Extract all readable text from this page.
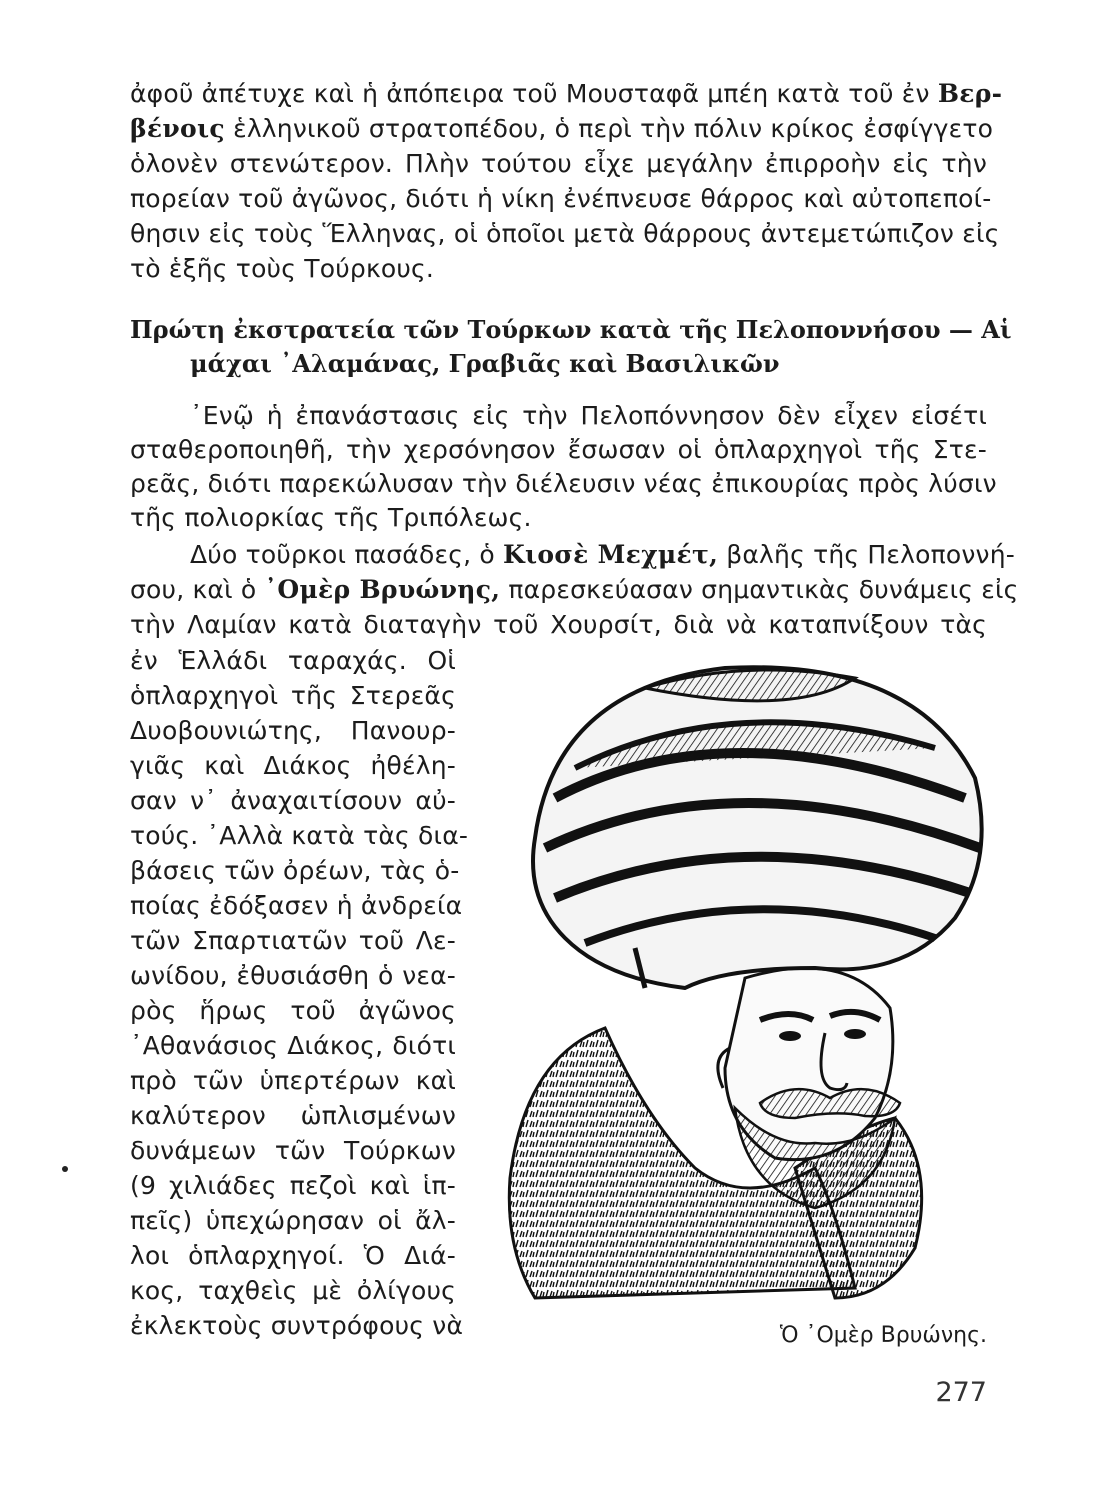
ἀφοῦ ἀπέτυχε καὶ ἡ ἀπόπειρα τοῦ Μουσταφᾶ μπέη κατὰ τοῦ ἐν Βερ-
βένοις ἑλληνικοῦ στρατοπέδου, ὁ περὶ τὴν πόλιν κρίκος ἐσφίγγετο
ὁλονὲν στενώτερον. Πλὴν τούτου εἶχε μεγάλην ἐπιρροὴν εἰς τὴν
πορείαν τοῦ ἀγῶνος, διότι ἡ νίκη ἐνέπνευσε θάρρος καὶ αὐτοπεποί-
θησιν εἰς τοὺς Ἕλληνας, οἱ ὁποῖοι μετὰ θάρρους ἀντεμετώπιζον εἰς
τὸ ἑξῆς τοὺς Τούρκους.
Πρώτη ἐκστρατεία τῶν Τούρκων κατὰ τῆς Πελοποννήσου — Αἱ
μάχαι ᾿Αλαμάνας, Γραβιᾶς καὶ Βασιλικῶν
᾿Ενῷ ἡ ἐπανάστασις εἰς τὴν Πελοπόννησον δὲν εἶχεν εἰσέτι
σταθεροποιηθῆ, τὴν χερσόνησον ἔσωσαν οἱ ὁπλαρχηγοὶ τῆς Στε-
ρεᾶς, διότι παρεκώλυσαν τὴν διέλευσιν νέας ἐπικουρίας πρὸς λύσιν
τῆς πολιορκίας τῆς Τριπόλεως.
Δύο τοῦρκοι πασάδες, ὁ Κιοσὲ Μεχμέτ, βαλῆς τῆς Πελοποννή-
σου, καὶ ὁ ᾿Ομὲρ Βρυώνης, παρεσκεύασαν σημαντικὰς δυνάμεις εἰς
τὴν Λαμίαν κατὰ διαταγὴν τοῦ Χουρσίτ, διὰ νὰ καταπνίξουν τὰς
ἐν Ἑλλάδι ταραχάς. Οἱ
ὁπλαρχηγοὶ τῆς Στερεᾶς
Δυοβουνιώτης, Πανουρ-
γιᾶς καὶ Διάκος ἠθέλη-
σαν ν᾿ ἀναχαιτίσουν αὐ-
τούς. ᾿Αλλὰ κατὰ τὰς δια-
βάσεις τῶν ὀρέων, τὰς ὁ-
ποίας ἐδόξασεν ἡ ἀνδρεία
τῶν Σπαρτιατῶν τοῦ Λε-
ωνίδου, ἐθυσιάσθη ὁ νεα-
ρὸς ἥρως τοῦ ἀγῶνος
᾿Αθανάσιος Διάκος, διότι
πρὸ τῶν ὑπερτέρων καὶ
καλύτερον ὡπλισμένων
δυνάμεων τῶν Τούρκων
(9 χιλιάδες πεζοὶ καὶ ἱπ-
πεῖς) ὑπεχώρησαν οἱ ἄλ-
λοι ὁπλαρχηγοί. Ὁ Διά-
κος, ταχθεὶς μὲ ὀλίγους
ἐκλεκτοὺς συντρόφους νὰ	Ὁ ᾿Ομὲρ Βρυώνης.
277
